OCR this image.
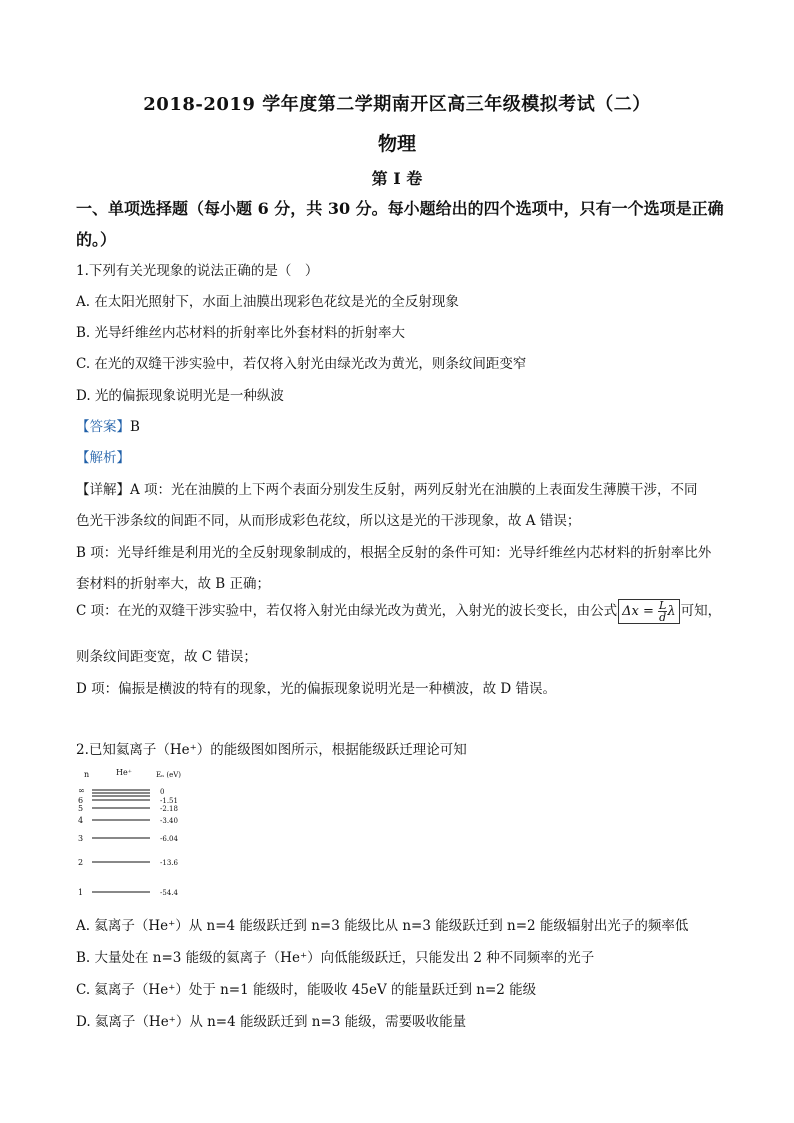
2018-2019 学年度第二学期南开区高三年级模拟考试（二）
物理
第 I 卷
一、单项选择题（每小题 6 分，共 30 分。每小题给出的四个选项中，只有一个选项是正确的。）
1.下列有关光现象的说法正确的是（　）
A. 在太阳光照射下，水面上油膜出现彩色花纹是光的全反射现象
B. 光导纤维丝内芯材料的折射率比外套材料的折射率大
C. 在光的双缝干涉实验中，若仅将入射光由绿光改为黄光，则条纹间距变窄
D. 光的偏振现象说明光是一种纵波
【答案】B
【解析】
【详解】A 项：光在油膜的上下两个表面分别发生反射，两列反射光在油膜的上表面发生薄膜干涉，不同
色光干涉条纹的间距不同，从而形成彩色花纹，所以这是光的干涉现象，故 A 错误；
B 项：光导纤维是利用光的全反射现象制成的，根据全反射的条件可知：光导纤维丝内芯材料的折射率比外
套材料的折射率大，故 B 正确；
C 项：在光的双缝干涉实验中，若仅将入射光由绿光改为黄光，入射光的波长变长，由公式 $\Delta x = \frac{L}{d}$ λ 可知，
则条纹间距变宽，故 C 错误；
D 项：偏振是横波的特有的现象，光的偏振现象说明光是一种横波，故 D 错误。
2.已知氦离子（He⁺）的能级图如图所示，根据能级跃迁理论可知
n	He⁺	Eₙ (eV)
∞	0
6	-1.51
5	-2.18
4	-3.40
3	-6.04
2	-13.6
1	-54.4
A. 氦离子（He⁺）从 n=4 能级跃迁到 n=3 能级比从 n=3 能级跃迁到 n=2 能级辐射出光子的频率低
B. 大量处在 n=3 能级的氦离子（He⁺）向低能级跃迁，只能发出 2 种不同频率的光子
C. 氦离子（He⁺）处于 n=1 能级时，能吸收 45eV 的能量跃迁到 n=2 能级
D. 氦离子（He⁺）从 n=4 能级跃迁到 n=3 能级，需要吸收能量
